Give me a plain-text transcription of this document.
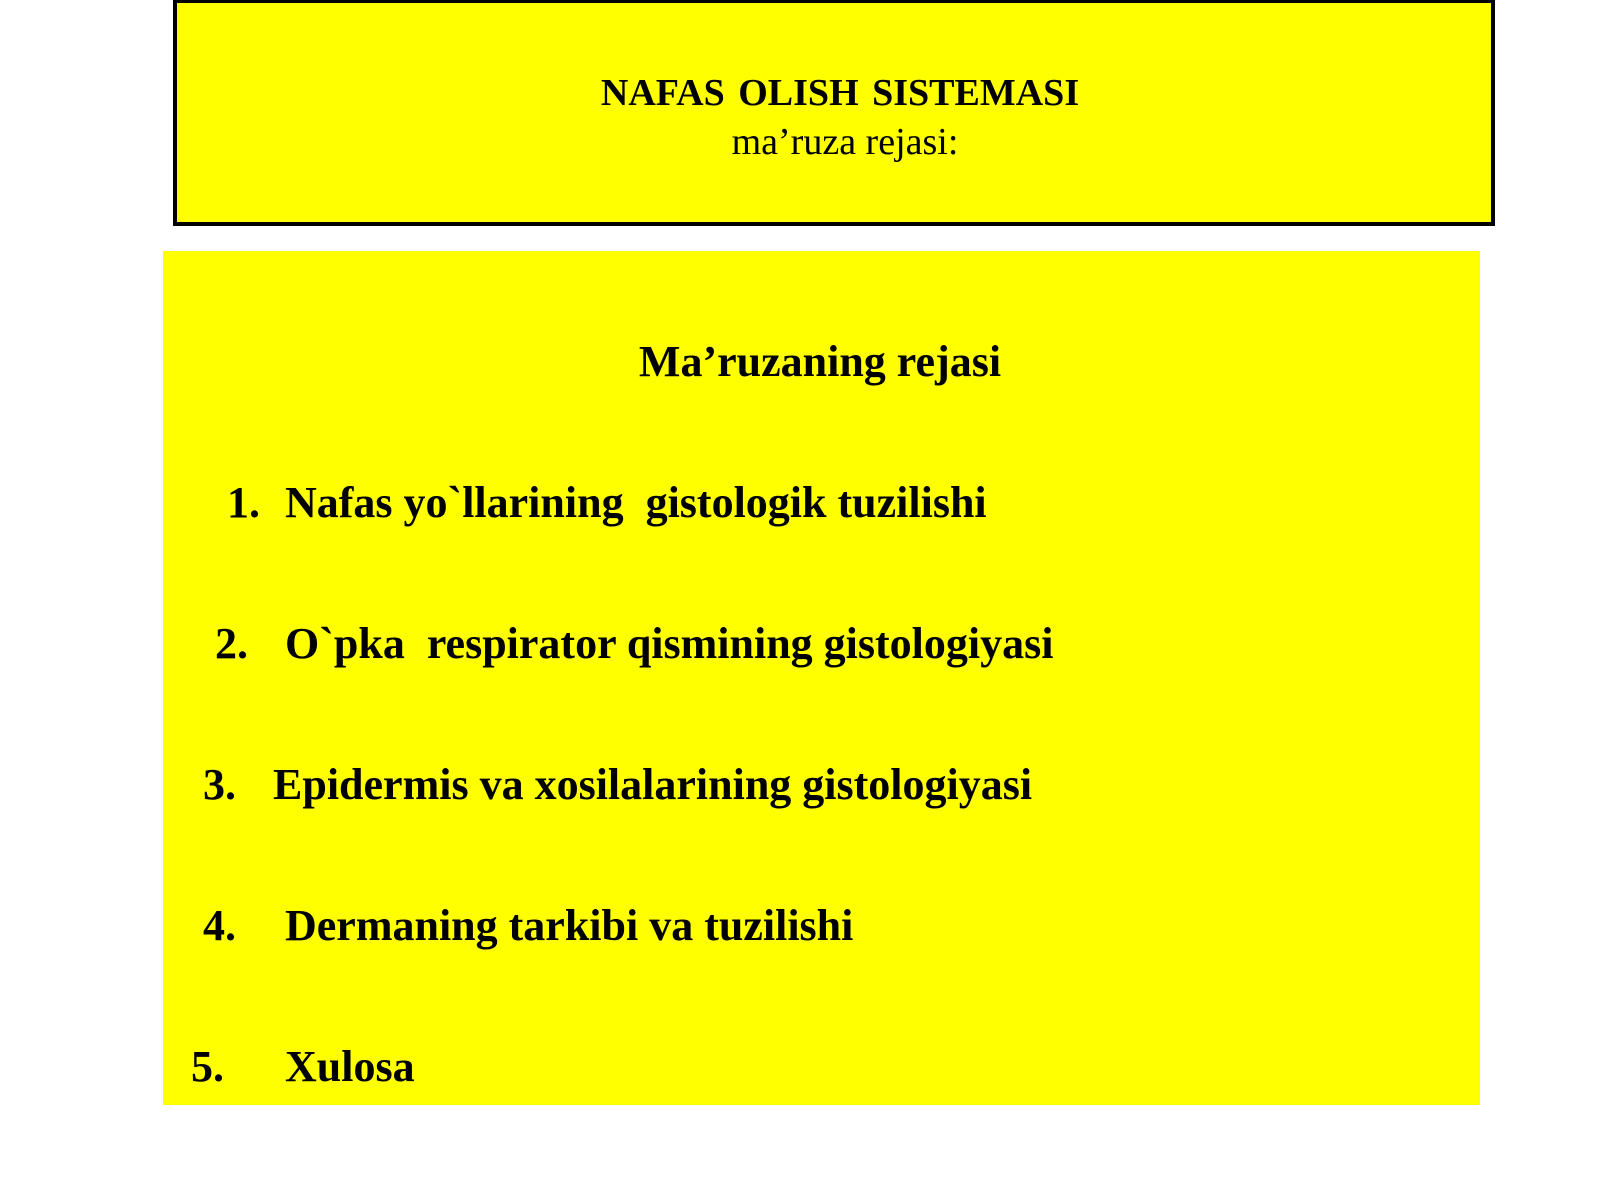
NAFAS OLISH SISTEMASI
ma’ruza rejasi:
Ma’ruzaning rejasi

1.

Nafas yo`llarining  gistologik tuzilishi

2.

O`pka  respirator qismining gistologiyasi

3.

Epidermis va xosilalarining gistologiyasi

4.

Dermaning tarkibi va tuzilishi

5.

Xulosa
